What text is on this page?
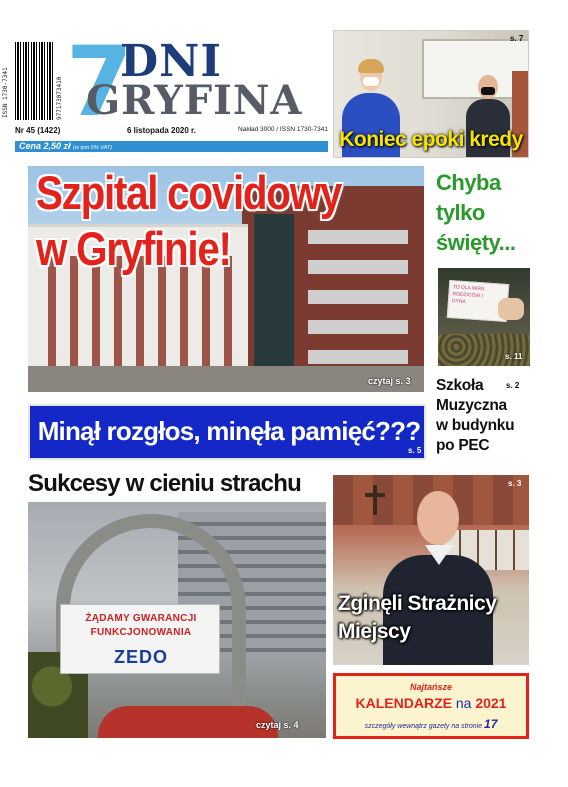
ISSN 1730-7341	977173073410 7
DNI
GRYFINA
Nr 45 (1422)	6 listopada 2020 r.	Nakład 3000 / ISSN 1730-7341
Cena 2,50 zł (w tym 5% VAT)
s. 7
Koniec epoki kredy
Szpital covidowy
w Gryfinie!
czytaj s. 3
Chyba
tylko
święty...
TO DLA MIRA
RODZICÓW I
DYNA
s. 11
Szkoła
Muzyczna
w budynku
po PEC
s. 2
Minął rozgłos, minęła pamięć???
s. 5
Sukcesy w cieniu strachu
ŻĄDAMY GWARANCJI
FUNKCJONOWANIA
ZEDO
czytaj s. 4
s. 3
Zginęli Strażnicy
Miejscy
Najtańsze
KALENDARZE na 2021
szczegóły wewnątrz gazety na stronie 17
